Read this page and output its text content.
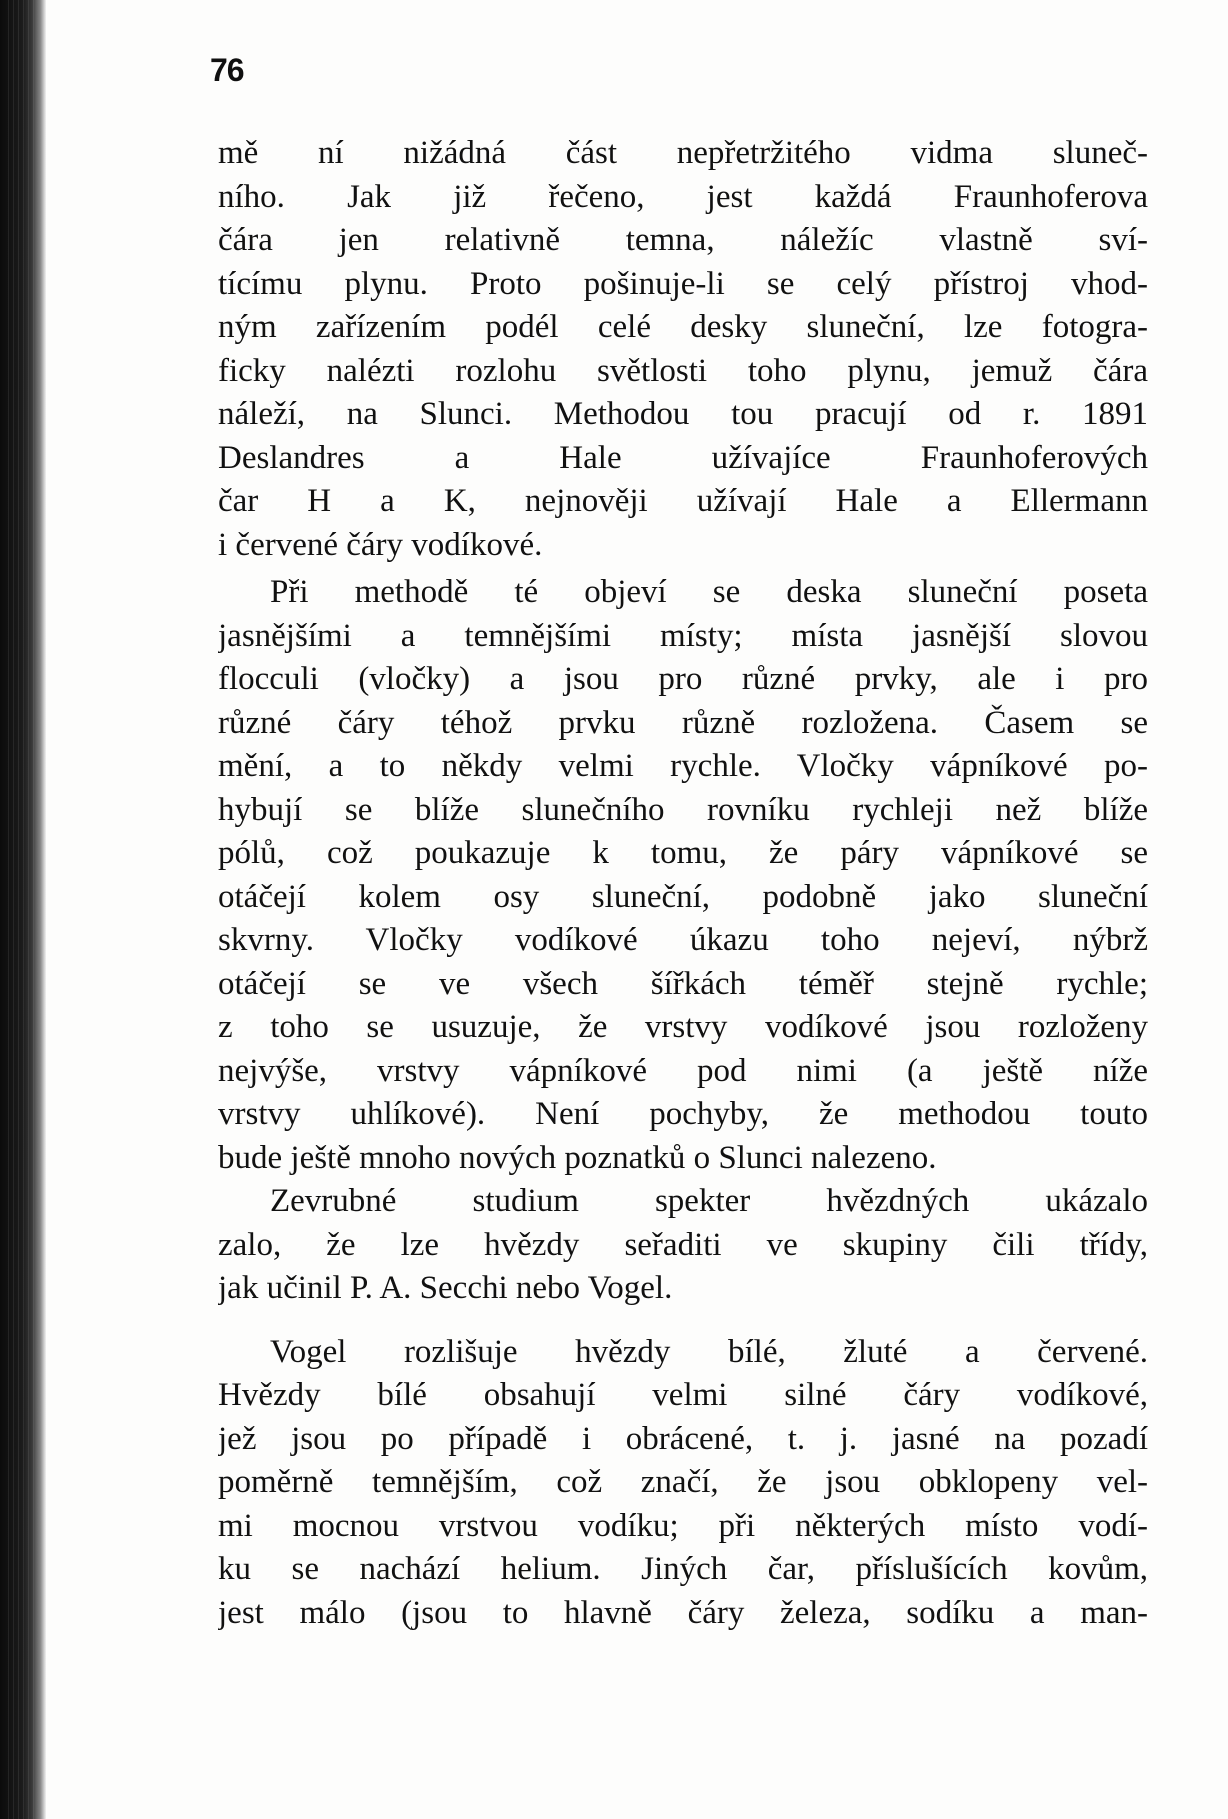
76
mě ní nižádná část nepřetržitého vidma sluneč-
ního. Jak již řečeno, jest každá Fraunhoferova
čára jen relativně temna, náležíc vlastně sví-
tícímu plynu. Proto pošinuje-li se celý přístroj vhod-
ným zařízením podél celé desky sluneční, lze fotogra-
ficky nalézti rozlohu světlosti toho plynu, jemuž čára
náleží, na Slunci. Methodou tou pracují od r. 1891
Deslandres a Hale užívajíce Fraunhoferových
čar H a K, nejnověji užívají Hale a Ellermann
i červené čáry vodíkové.
Při methodě té objeví se deska sluneční poseta
jasnějšími a temnějšími místy; místa jasnější slovou
flocculi (vločky) a jsou pro různé prvky, ale i pro
různé čáry téhož prvku různě rozložena. Časem se
mění, a to někdy velmi rychle. Vločky vápníkové po-
hybují se blíže slunečního rovníku rychleji než blíže
pólů, což poukazuje k tomu, že páry vápníkové se
otáčejí kolem osy sluneční, podobně jako sluneční
skvrny. Vločky vodíkové úkazu toho nejeví, nýbrž
otáčejí se ve všech šířkách téměř stejně rychle;
z toho se usuzuje, že vrstvy vodíkové jsou rozloženy
nejvýše, vrstvy vápníkové pod nimi (a ještě níže
vrstvy uhlíkové). Není pochyby, že methodou touto
bude ještě mnoho nových poznatků o Slunci nalezeno.
Zevrubné studium spekter hvězdných ukázalo
zalo, že lze hvězdy seřaditi ve skupiny čili třídy,
jak učinil P. A. Secchi nebo Vogel.
Vogel rozlišuje hvězdy bílé, žluté a červené.
Hvězdy bílé obsahují velmi silné čáry vodíkové,
jež jsou po případě i obrácené, t. j. jasné na pozadí
poměrně temnějším, což značí, že jsou obklopeny vel-
mi mocnou vrstvou vodíku; při některých místo vodí-
ku se nachází helium. Jiných čar, příslušících kovům,
jest málo (jsou to hlavně čáry železa, sodíku a man-
